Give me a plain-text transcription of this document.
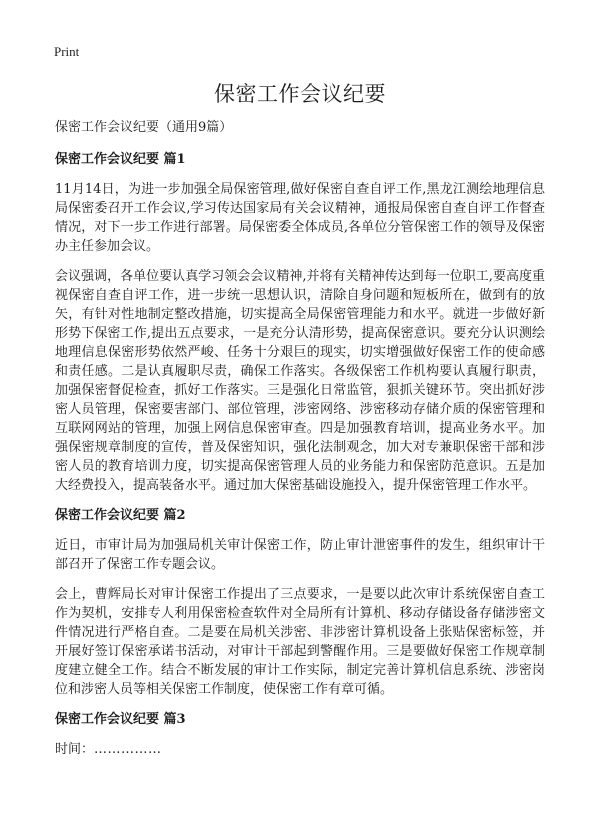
Print
保密工作会议纪要

保密工作会议纪要（通用9篇）

保密工作会议纪要 篇1

11月14日，为进一步加强全局保密管理,做好保密自查自评工作,黑龙江测绘地理信息局保密委召开工作会议,学习传达国家局有关会议精神，通报局保密自查自评工作督查情况，对下一步工作进行部署。局保密委全体成员,各单位分管保密工作的领导及保密办主任参加会议。

会议强调，各单位要认真学习领会会议精神,并将有关精神传达到每一位职工,要高度重视保密自查自评工作，进一步统一思想认识，清除自身问题和短板所在，做到有的放矢，有针对性地制定整改措施，切实提高全局保密管理能力和水平。就进一步做好新形势下保密工作,提出五点要求，一是充分认清形势，提高保密意识。要充分认识测绘地理信息保密形势依然严峻、任务十分艰巨的现实，切实增强做好保密工作的使命感和责任感。二是认真履职尽责，确保工作落实。各级保密工作机构要认真履行职责，加强保密督促检查，抓好工作落实。三是强化日常监管，狠抓关键环节。突出抓好涉密人员管理，保密要害部门、部位管理，涉密网络、涉密移动存储介质的保密管理和互联网网站的管理，加强上网信息保密审查。四是加强教育培训，提高业务水平。加强保密规章制度的宣传，普及保密知识，强化法制观念，加大对专兼职保密干部和涉密人员的教育培训力度，切实提高保密管理人员的业务能力和保密防范意识。五是加大经费投入，提高装备水平。通过加大保密基础设施投入，提升保密管理工作水平。

保密工作会议纪要 篇2

近日，市审计局为加强局机关审计保密工作，防止审计泄密事件的发生，组织审计干部召开了保密工作专题会议。

会上，曹辉局长对审计保密工作提出了三点要求，一是要以此次审计系统保密自查工作为契机，安排专人利用保密检查软件对全局所有计算机、移动存储设备存储涉密文件情况进行严格自查。二是要在局机关涉密、非涉密计算机设备上张贴保密标签，并开展好签订保密承诺书活动，对审计干部起到警醒作用。三是要做好保密工作规章制度建立健全工作。结合不断发展的审计工作实际，制定完善计算机信息系统、涉密岗位和涉密人员等相关保密工作制度，使保密工作有章可循。

保密工作会议纪要 篇3

时间：……………
